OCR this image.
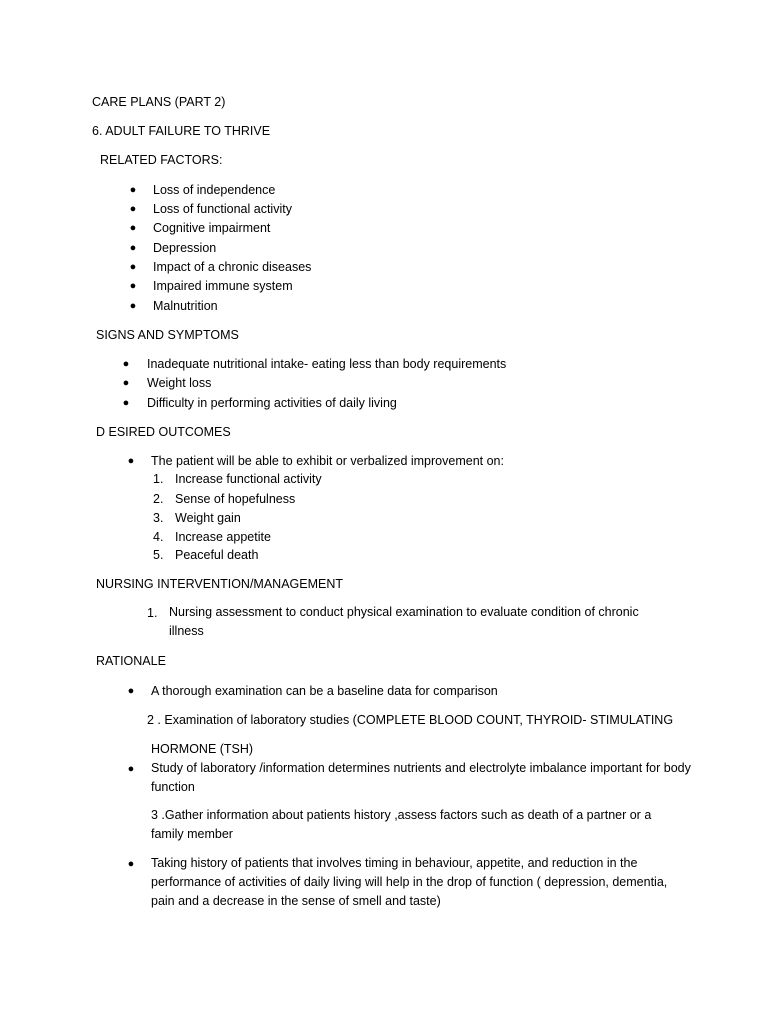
CARE PLANS (PART 2)
6. ADULT FAILURE TO THRIVE
RELATED FACTORS:
● Loss of independence
● Loss of functional activity
● Cognitive impairment
● Depression
● Impact of a chronic diseases
● Impaired immune system
● Malnutrition
SIGNS AND SYMPTOMS
● Inadequate nutritional intake- eating less than body requirements
● Weight loss
● Difficulty in performing activities of daily living
D ESIRED OUTCOMES
● The patient will be able to exhibit or verbalized improvement on:
1. Increase functional activity
2. Sense of hopefulness
3. Weight gain
4. Increase appetite
5. Peaceful death
NURSING INTERVENTION/MANAGEMENT
1. Nursing assessment to conduct physical examination to evaluate condition of chronic illness
RATIONALE
● A thorough examination can be a baseline data for comparison
2 . Examination of laboratory studies (COMPLETE BLOOD COUNT, THYROID- STIMULATING
HORMONE (TSH)
● Study of laboratory /information determines nutrients and electrolyte imbalance important for body function
3 .Gather information about patients history ,assess factors such as death of a partner or a family member
● Taking history of patients that involves timing in behaviour, appetite, and reduction in the performance of activities of daily living will help in the drop of function ( depression, dementia, pain and a decrease in the sense of smell and taste)
